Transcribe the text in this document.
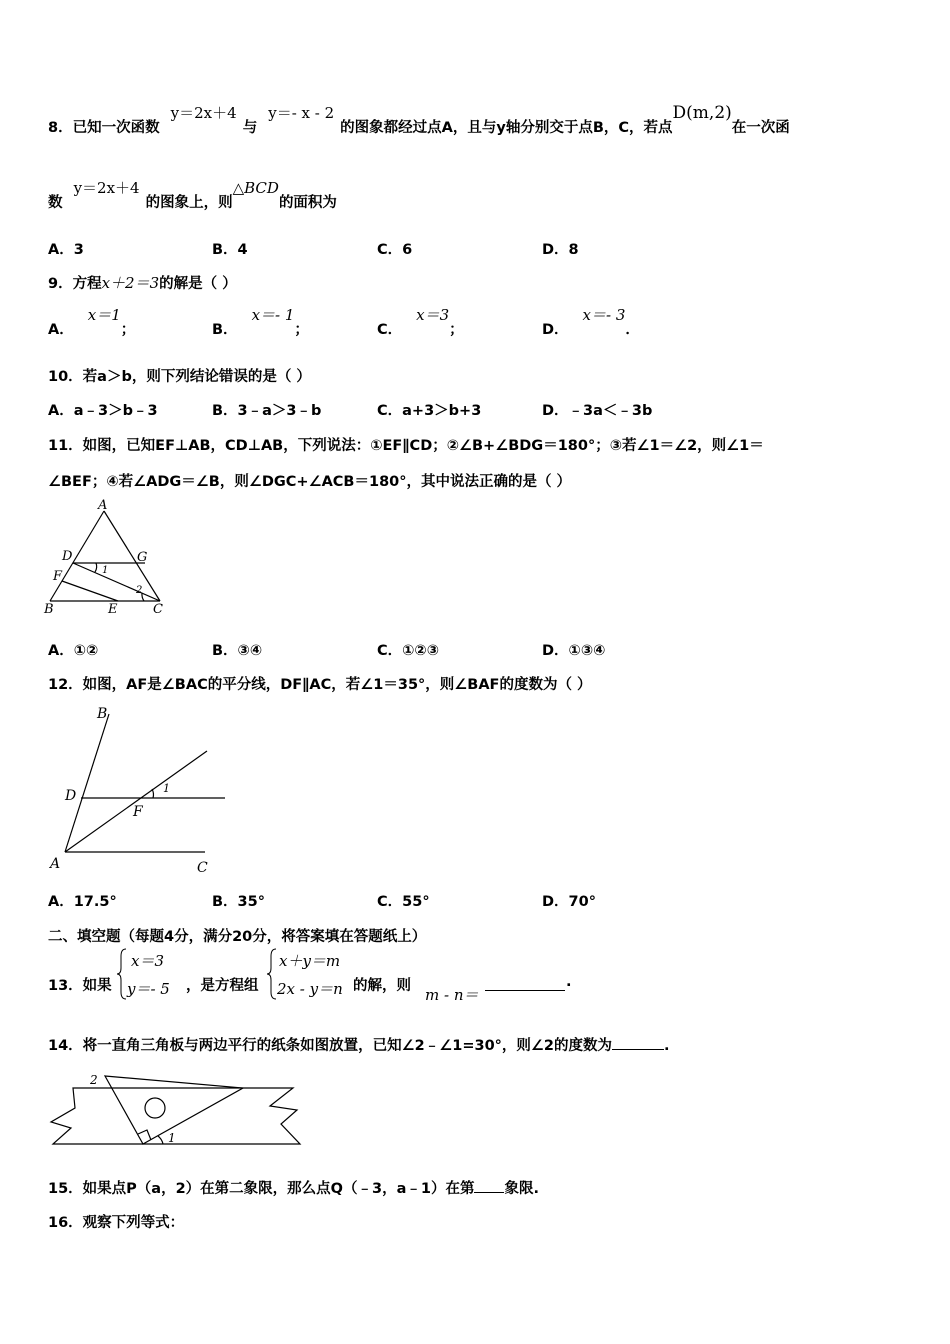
8．已知一次函数 y＝2x＋4与 y＝- x - 2的图象都经过点A，且与y轴分别交于点B，C，若点D(m,2)在一次函
数 y＝2x＋4的图象上，则△BCD的面积为
A．3	B．4	C．6	D．8
9．方程x＋2＝3的解是（ ）
A．x＝1；	B．x＝- 1；	C．x＝3；	D．x＝- 3．
10．若a＞b，则下列结论错误的是（ ）
A．a﹣3＞b﹣3	B．3﹣a＞3﹣b	C．a+3＞b+3	D．﹣3a＜﹣3b
11．如图，已知EF⊥AB，CD⊥AB，下列说法：①EF∥CD；②∠B+∠BDG＝180°；③若∠1＝∠2，则∠1＝
∠BEF；④若∠ADG＝∠B，则∠DGC+∠ACB＝180°，其中说法正确的是（ ）
A
D	G
F
B	E	C
1
2
A．①②	B．③④	C．①②③	D．①③④
12．如图，AF是∠BAC的平分线，DF∥AC，若∠1＝35°，则∠BAF的度数为（ ）
B
D
F
1
A	C
A．17.5°	B．35°	C．55°	D．70°
二、填空题（每题4分，满分20分，将答案填在答题纸上）
13．如果
x＝3
y＝- 5 ，是方程组
x＋y＝m
2x - y＝n 的解，则 m - n＝
.
14．将一直角三角板与两边平行的纸条如图放置，已知∠2﹣∠1=30°，则∠2的度数为	.
2
1
15．如果点P（a，2）在第二象限，那么点Q（﹣3，a﹣1）在第 象限.
16．观察下列等式：
